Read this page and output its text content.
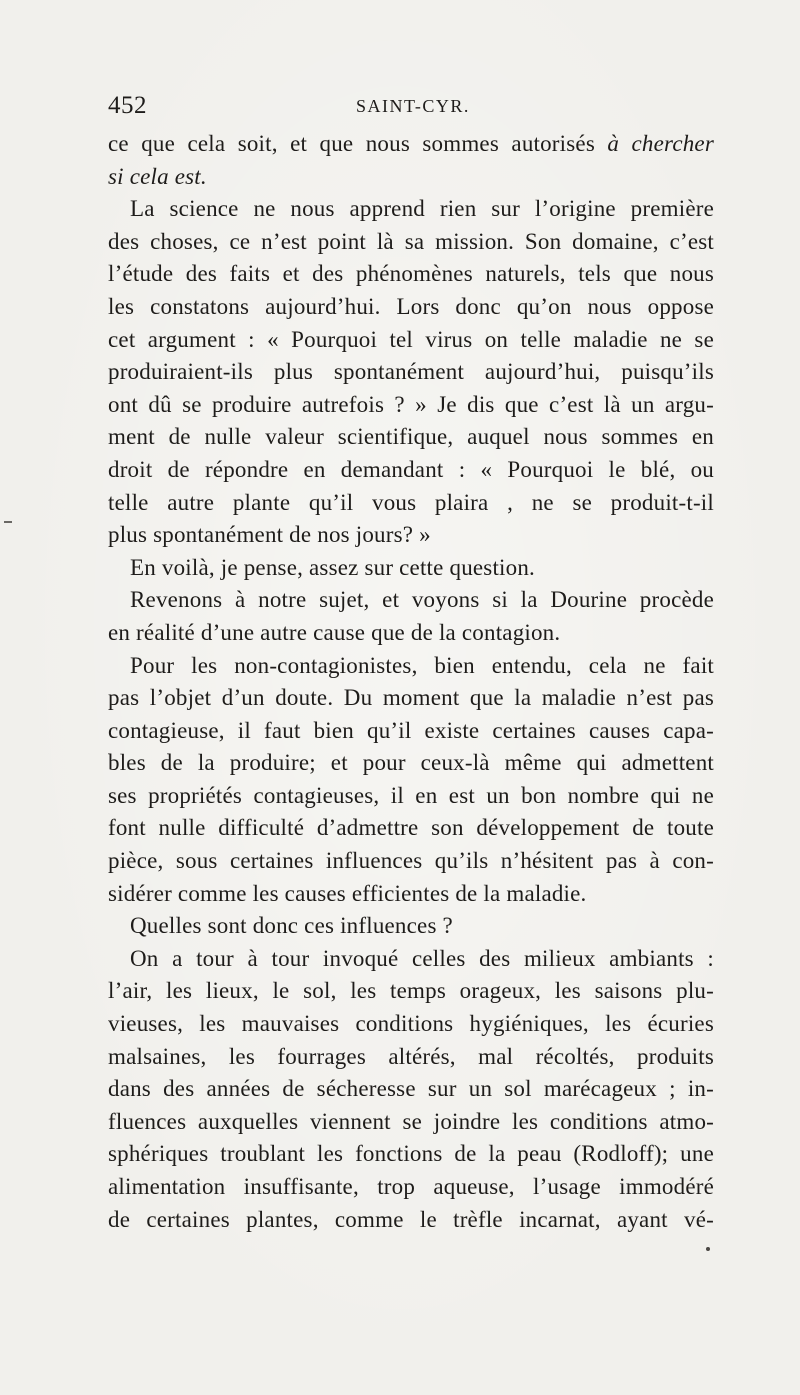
452	SAINT-CYR.
ce que cela soit, et que nous sommes autorisés à chercher
si cela est.
La science ne nous apprend rien sur l’origine première
des choses, ce n’est point là sa mission. Son domaine, c’est
l’étude des faits et des phénomènes naturels, tels que nous
les constatons aujourd’hui. Lors donc qu’on nous oppose
cet argument : « Pourquoi tel virus on telle maladie ne se
produiraient-ils plus spontanément aujourd’hui, puisqu’ils
ont dû se produire autrefois ? » Je dis que c’est là un argu-
ment de nulle valeur scientifique, auquel nous sommes en
droit de répondre en demandant : « Pourquoi le blé, ou
telle autre plante qu’il vous plaira , ne se produit-t-il
plus spontanément de nos jours? »
En voilà, je pense, assez sur cette question.
Revenons à notre sujet, et voyons si la Dourine procède
en réalité d’une autre cause que de la contagion.
Pour les non-contagionistes, bien entendu, cela ne fait
pas l’objet d’un doute. Du moment que la maladie n’est pas
contagieuse, il faut bien qu’il existe certaines causes capa-
bles de la produire; et pour ceux-là même qui admettent
ses propriétés contagieuses, il en est un bon nombre qui ne
font nulle difficulté d’admettre son développement de toute
pièce, sous certaines influences qu’ils n’hésitent pas à con-
sidérer comme les causes efficientes de la maladie.
Quelles sont donc ces influences ?
On a tour à tour invoqué celles des milieux ambiants :
l’air, les lieux, le sol, les temps orageux, les saisons plu-
vieuses, les mauvaises conditions hygiéniques, les écuries
malsaines, les fourrages altérés, mal récoltés, produits
dans des années de sécheresse sur un sol marécageux ; in-
fluences auxquelles viennent se joindre les conditions atmo-
sphériques troublant les fonctions de la peau (Rodloff); une
alimentation insuffisante, trop aqueuse, l’usage immodéré
de certaines plantes, comme le trèfle incarnat, ayant vé-
